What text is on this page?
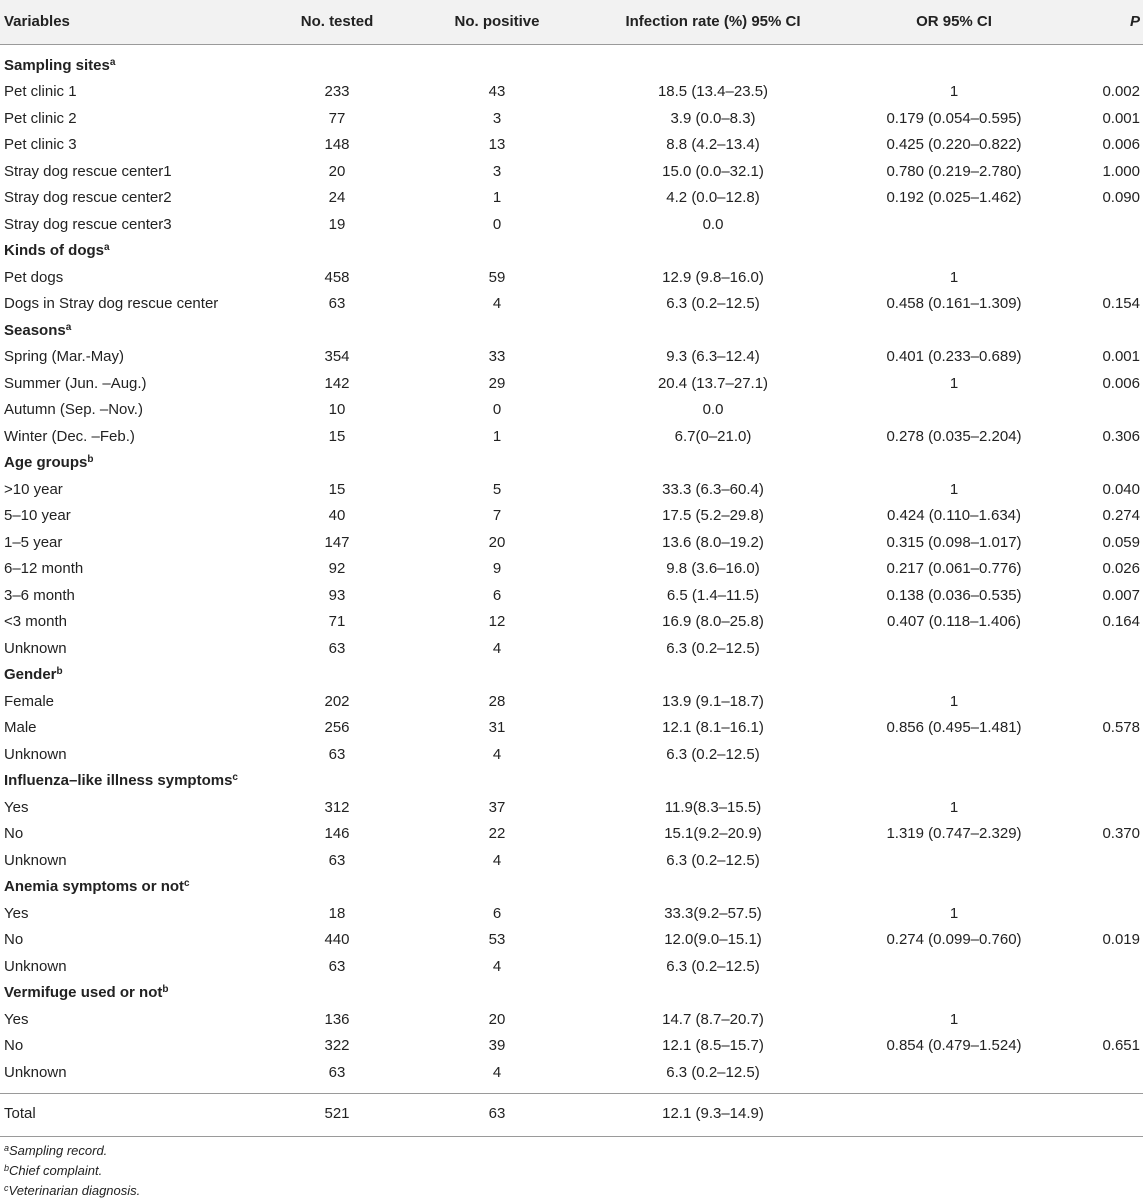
Variables	No. tested	No. positive	Infection rate (%) 95% CI	OR 95% CI	P
Sampling sites$^a$
Pet clinic 1	233	43	18.5 (13.4–23.5)	1	0.002
Pet clinic 2	77	3	3.9 (0.0–8.3)	0.179 (0.054–0.595)	0.001
Pet clinic 3	148	13	8.8 (4.2–13.4)	0.425 (0.220–0.822)	0.006
Stray dog rescue center1	20	3	15.0 (0.0–32.1)	0.780 (0.219–2.780)	1.000
Stray dog rescue center2	24	1	4.2 (0.0–12.8)	0.192 (0.025–1.462)	0.090
Stray dog rescue center3	19	0	0.0
Kinds of dogs$^a$
Pet dogs	458	59	12.9 (9.8–16.0)	1
Dogs in Stray dog rescue center	63	4	6.3 (0.2–12.5)	0.458 (0.161–1.309)	0.154
Seasons$^a$
Spring (Mar.-May)	354	33	9.3 (6.3–12.4)	0.401 (0.233–0.689)	0.001
Summer (Jun. –Aug.)	142	29	20.4 (13.7–27.1)	1	0.006
Autumn (Sep. –Nov.)	10	0	0.0
Winter (Dec. –Feb.)	15	1	6.7(0–21.0)	0.278 (0.035–2.204)	0.306
Age groups$^b$
>10 year	15	5	33.3 (6.3–60.4)	1	0.040
5–10 year	40	7	17.5 (5.2–29.8)	0.424 (0.110–1.634)	0.274
1–5 year	147	20	13.6 (8.0–19.2)	0.315 (0.098–1.017)	0.059
6–12 month	92	9	9.8 (3.6–16.0)	0.217 (0.061–0.776)	0.026
3–6 month	93	6	6.5 (1.4–11.5)	0.138 (0.036–0.535)	0.007
<3 month	71	12	16.9 (8.0–25.8)	0.407 (0.118–1.406)	0.164
Unknown	63	4	6.3 (0.2–12.5)
Gender$^b$
Female	202	28	13.9 (9.1–18.7)	1
Male	256	31	12.1 (8.1–16.1)	0.856 (0.495–1.481)	0.578
Unknown	63	4	6.3 (0.2–12.5)
Influenza–like illness symptoms$^c$
Yes	312	37	11.9(8.3–15.5)	1
No	146	22	15.1(9.2–20.9)	1.319 (0.747–2.329)	0.370
Unknown	63	4	6.3 (0.2–12.5)
Anemia symptoms or not$^c$
Yes	18	6	33.3(9.2–57.5)	1
No	440	53	12.0(9.0–15.1)	0.274 (0.099–0.760)	0.019
Unknown	63	4	6.3 (0.2–12.5)
Vermifuge used or not$^b$
Yes	136	20	14.7 (8.7–20.7)	1
No	322	39	12.1 (8.5–15.7)	0.854 (0.479–1.524)	0.651
Unknown	63	4	6.3 (0.2–12.5)
Total	521	63	12.1 (9.3–14.9)
$^a$Sampling record.
$^b$Chief complaint.
$^c$Veterinarian diagnosis.
